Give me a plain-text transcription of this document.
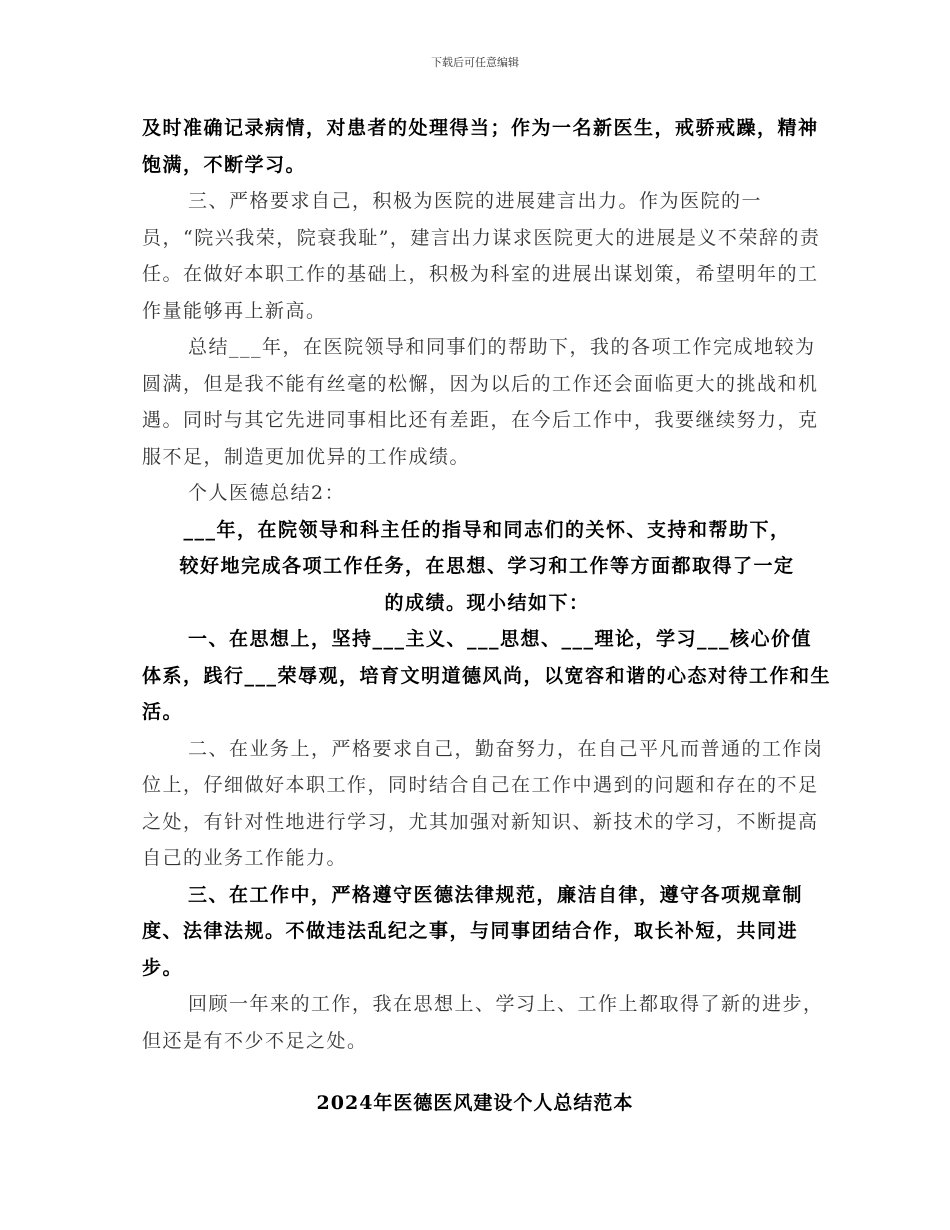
下载后可任意编辑

及时准确记录病情，对患者的处理得当；作为一名新医生，戒骄戒躁，精神饱满，不断学习。

三、严格要求自己，积极为医院的进展建言出力。作为医院的一员，“院兴我荣，院衰我耻”，建言出力谋求医院更大的进展是义不荣辞的责任。在做好本职工作的基础上，积极为科室的进展出谋划策，希望明年的工作量能够再上新高。

总结___年，在医院领导和同事们的帮助下，我的各项工作完成地较为圆满，但是我不能有丝毫的松懈，因为以后的工作还会面临更大的挑战和机遇。同时与其它先进同事相比还有差距，在今后工作中，我要继续努力，克服不足，制造更加优异的工作成绩。

个人医德总结2：

___年，在院领导和科主任的指导和同志们的关怀、支持和帮助下，

较好地完成各项工作任务，在思想、学习和工作等方面都取得了一定

的成绩。现小结如下：

一、在思想上，坚持___主义、___思想、___理论，学习___核心价值体系，践行___荣辱观，培育文明道德风尚，以宽容和谐的心态对待工作和生活。

二、在业务上，严格要求自己，勤奋努力，在自己平凡而普通的工作岗位上，仔细做好本职工作，同时结合自己在工作中遇到的问题和存在的不足之处，有针对性地进行学习，尤其加强对新知识、新技术的学习，不断提高自己的业务工作能力。

三、在工作中，严格遵守医德法律规范，廉洁自律，遵守各项规章制度、法律法规。不做违法乱纪之事，与同事团结合作，取长补短，共同进步。

回顾一年来的工作，我在思想上、学习上、工作上都取得了新的进步，但还是有不少不足之处。

2024年医德医风建设个人总结范本
